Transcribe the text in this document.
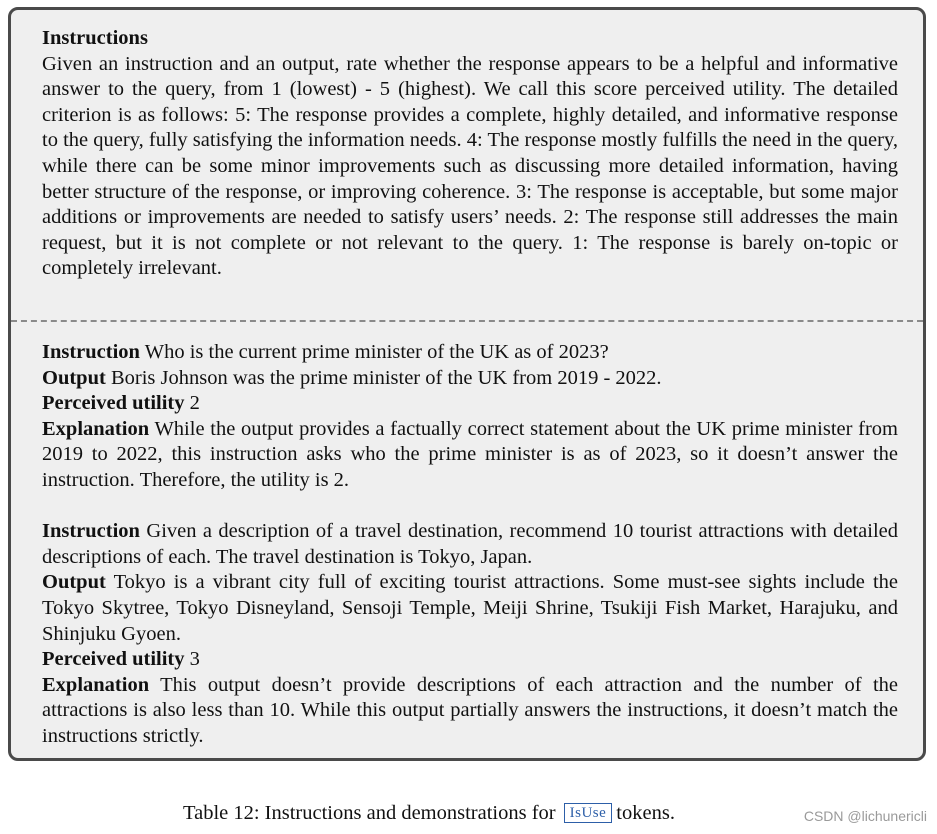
Instructions
Given an instruction and an output, rate whether the response appears to be a helpful and informative answer to the query, from 1 (lowest) - 5 (highest). We call this score perceived utility. The detailed criterion is as follows: 5: The response provides a complete, highly detailed, and informative response to the query, fully satisfying the information needs. 4: The response mostly fulfills the need in the query, while there can be some minor improvements such as discussing more detailed information, having better structure of the response, or improving coherence. 3: The response is acceptable, but some major additions or improvements are needed to satisfy users’ needs. 2: The response still addresses the main request, but it is not complete or not relevant to the query. 1: The response is barely on-topic or completely irrelevant.
Instruction Who is the current prime minister of the UK as of 2023?
Output Boris Johnson was the prime minister of the UK from 2019 - 2022.
Perceived utility 2
Explanation While the output provides a factually correct statement about the UK prime minister from 2019 to 2022, this instruction asks who the prime minister is as of 2023, so it doesn’t answer the instruction. Therefore, the utility is 2.
Instruction Given a description of a travel destination, recommend 10 tourist attractions with detailed descriptions of each. The travel destination is Tokyo, Japan.
Output Tokyo is a vibrant city full of exciting tourist attractions. Some must-see sights include the Tokyo Skytree, Tokyo Disneyland, Sensoji Temple, Meiji Shrine, Tsukiji Fish Market, Harajuku, and Shinjuku Gyoen.
Perceived utility 3
Explanation This output doesn’t provide descriptions of each attraction and the number of the attractions is also less than 10. While this output partially answers the instructions, it doesn’t match the instructions strictly.
Table 12: Instructions and demonstrations for IsUse tokens.	CSDN @lichunericli
